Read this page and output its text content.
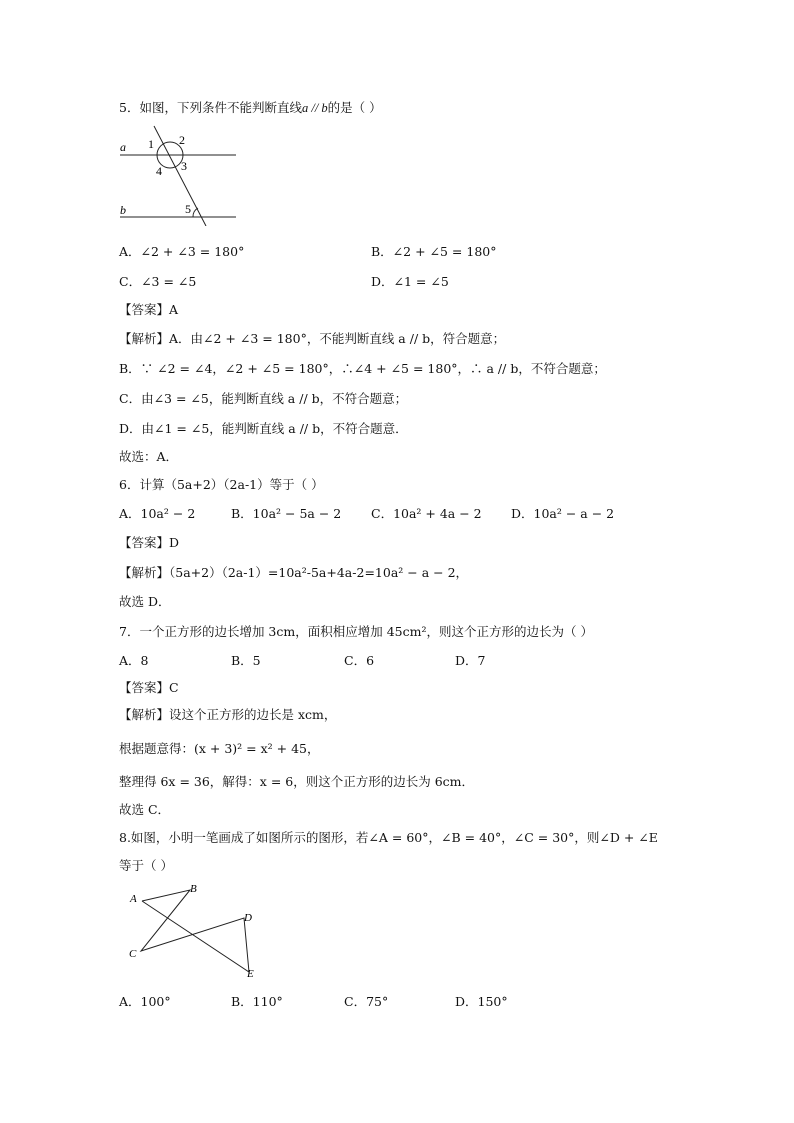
5．如图，下列条件不能判断直线a // b的是（ ）
a
b
1 2
3
4
5
A．∠2 + ∠3 = 180°	B．∠2 + ∠5 = 180°
C．∠3 = ∠5	D．∠1 = ∠5
【答案】A
【解析】A．由∠2 + ∠3 = 180°，不能判断直线 a // b，符合题意；
B．∵ ∠2 = ∠4，∠2 + ∠5 = 180°，∴∠4 + ∠5 = 180°，∴ a // b，不符合题意；
C．由∠3 = ∠5，能判断直线 a // b，不符合题意；
D．由∠1 = ∠5，能判断直线 a // b，不符合题意．
故选：A．
6．计算（5a+2）（2a-1）等于（ ）
A．10a² − 2	B．10a² − 5a − 2 C．10a² + 4a − 2 D．10a² − a − 2
【答案】D
【解析】（5a+2）（2a-1）=10a²-5a+4a-2=10a² − a − 2，
故选 D．
7．一个正方形的边长增加 3cm，面积相应增加 45cm²，则这个正方形的边长为（ ）
A．8	B．5	C．6	D．7
【答案】C
【解析】设这个正方形的边长是 xcm，
根据题意得：(x + 3)² = x² + 45，
整理得 6x = 36，解得：x = 6，则这个正方形的边长为 6cm．
故选 C．
8.如图，小明一笔画成了如图所示的图形，若∠A = 60°，∠B = 40°，∠C = 30°，则∠D + ∠E
等于（ ）
A
B
C
D
E
A．100°	B．110°	C．75°	D．150°
